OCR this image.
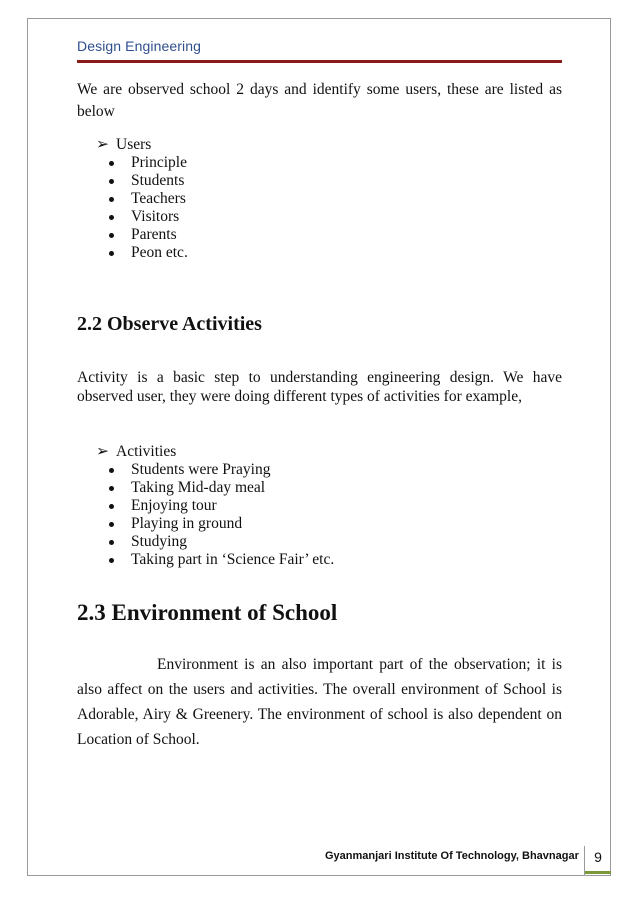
Design Engineering

We are observed school 2 days and identify some users, these are listed as below

➢ Users
Principle
Students
Teachers
Visitors
Parents
Peon etc.
2.2 Observe Activities

Activity is a basic step to understanding engineering design. We have observed user, they were doing different types of activities for example,

➢ Activities
Students were Praying
Taking Mid-day meal
Enjoying tour
Playing in ground
Studying
Taking part in ‘Science Fair’ etc.
2.3 Environment of School

Environment is an also important part of the observation; it is also affect on the users and activities. The overall environment of School is Adorable, Airy & Greenery. The environment of school is also dependent on Location of School.

Gyanmanjari Institute Of Technology, Bhavnagar	9
